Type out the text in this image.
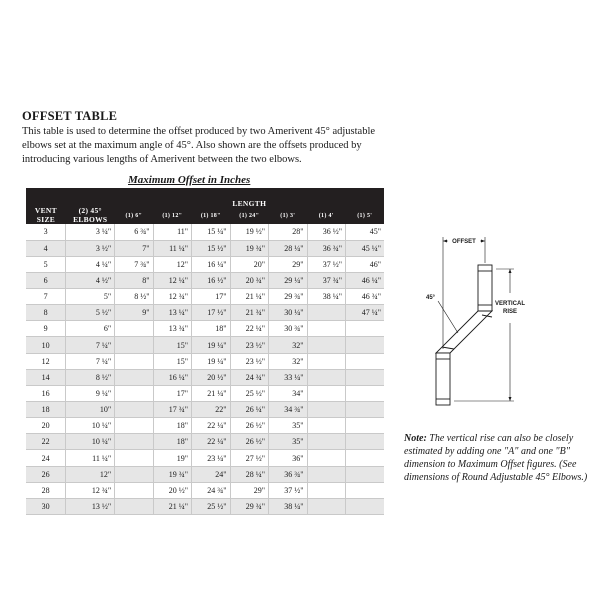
OFFSET TABLE
This table is used to determine the offset produced by two Amerivent 45° adjustable elbows set at the maximum angle of 45°. Also shown are the offsets produced by introducing various lengths of Amerivent between the two elbows.
Maximum Offset in Inches
VENT SIZE	(2) 45° ELBOWS	LENGTH						
		(1) 6"	(1) 12"	(1) 18"	(1) 24"	(1) 3'	(1) 4'	(1) 5'
3	3 ¼"	6 ¾"	11"	15 ¼"	19 ½"	28"	36 ½"	45"
4	3 ½"	7"	11 ¼"	15 ½"	19 ¾"	28 ¼"	36 ¾"	45 ¼"
5	4 ¼"	7 ¾"	12"	16 ¼"	20"	29"	37 ½"	46"
6	4 ½"	8"	12 ¼"	16 ½"	20 ¾"	29 ¼"	37 ¾"	46 ¼"
7	5"	8 ½"	12 ¾"	17"	21 ¼"	29 ¾"	38 ¼"	46 ¾"
8	5 ½"	9"	13 ¼"	17 ½"	21 ¾"	30 ¼"		47 ¼"
9	6"		13 ¾"	18"	22 ¼"	30 ¾"		
10	7 ¼"		15"	19 ¼"	23 ½"	32"		
12	7 ¼"		15"	19 ¼"	23 ½"	32"		
14	8 ½"		16 ¼"	20 ½"	24 ¾"	33 ¼"		
16	9 ¼"		17"	21 ¼"	25 ½"	34"		
18	10"		17 ¾"	22"	26 ¼"	34 ¾"		
20	10 ¼"		18"	22 ¼"	26 ½"	35"		
22	10 ¼"		18"	22 ¼"	26 ½"	35"		
24	11 ¼"		19"	23 ¼"	27 ½"	36"		
26	12"		19 ¾"	24"	28 ¼"	36 ¾"		
28	12 ¾"		20 ½"	24 ¾"	29"	37 ½"		
30	13 ½"		21 ¼"	25 ½"	29 ¾"	38 ¼"		
OFFSET
45°
VERTICAL
RISE
Note: The vertical rise can also be closely estimated by adding one "A" and one "B" dimension to Maximum Offset figures. (See dimensions of Round Adjustable 45° Elbows.)
